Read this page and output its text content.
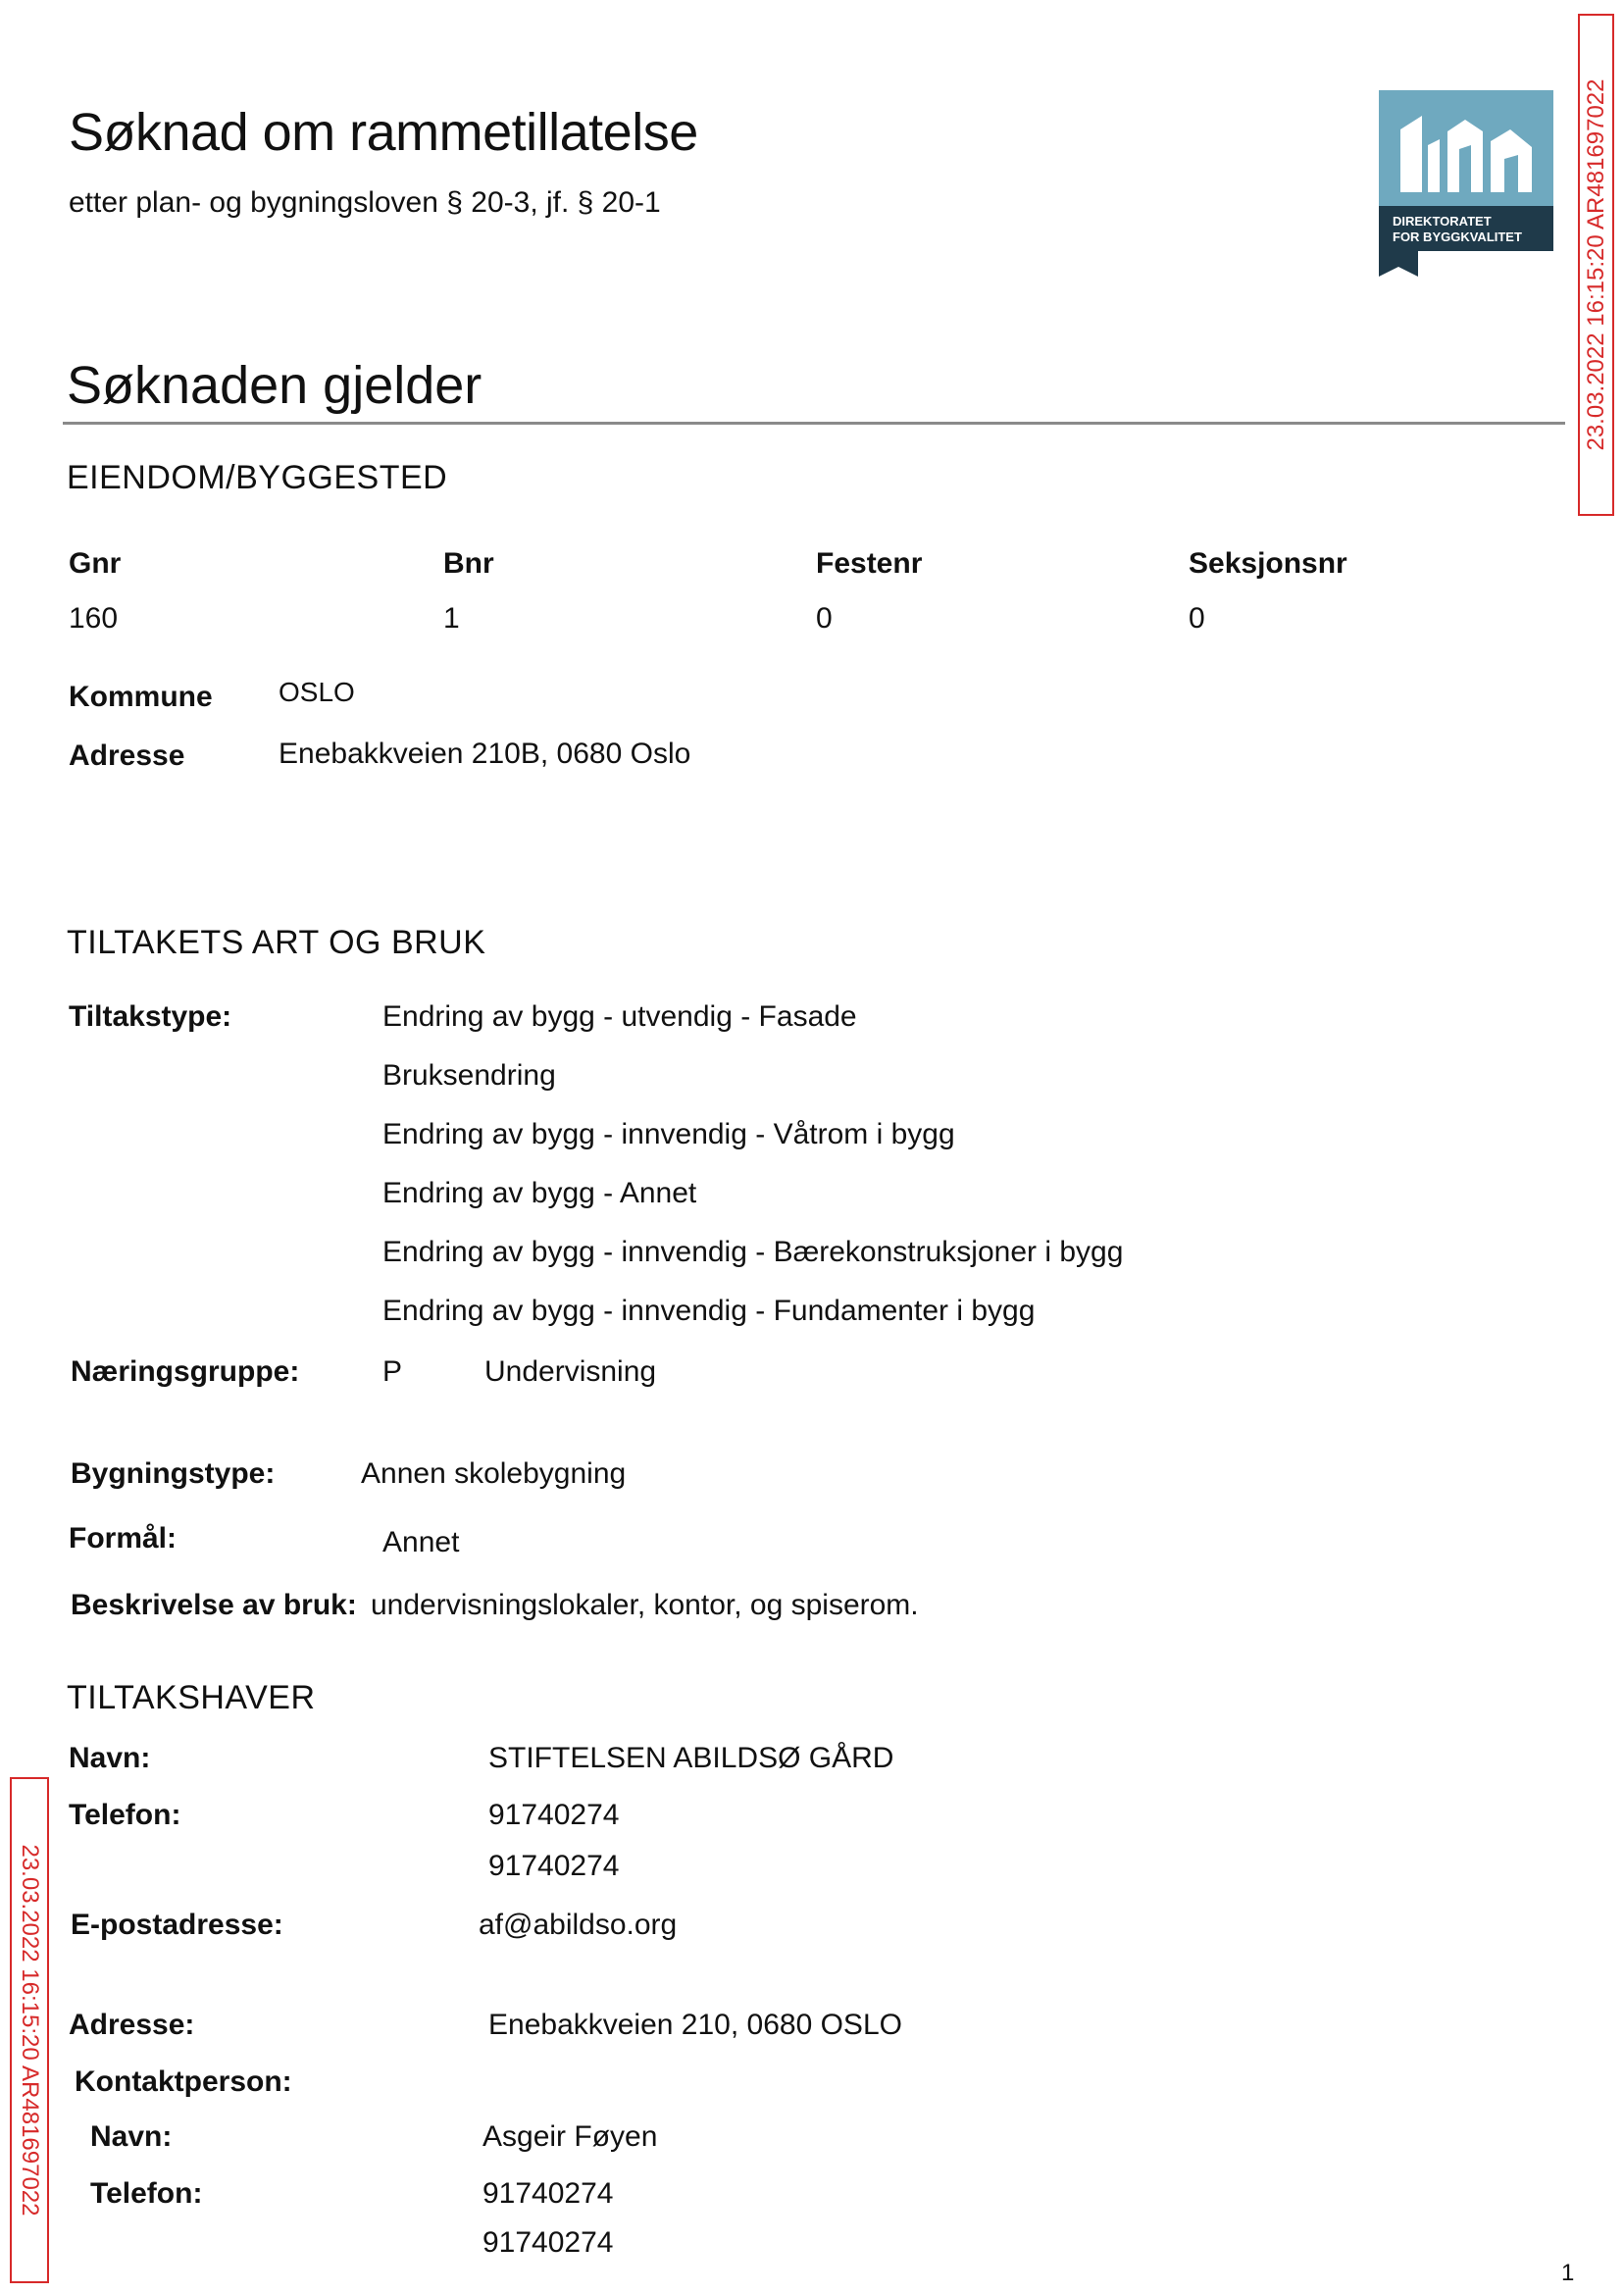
Søknad om rammetillatelse
etter plan- og bygningsloven § 20-3, jf. § 20-1
DIREKTORATET
FOR BYGGKVALITET	23.03.2022 16:15:20 AR481697022
23.03.2022 16:15:20 AR481697022
Søknaden gjelder
EIENDOM/BYGGESTED
Gnr	Bnr	Festenr	Seksjonsnr
160	1	0	0
Kommune OSLO
Adresse	Enebakkveien 210B, 0680 Oslo
TILTAKETS ART OG BRUK
Tiltakstype:	Endring av bygg - utvendig - Fasade
Bruksendring
Endring av bygg - innvendig - Våtrom i bygg
Endring av bygg - Annet
Endring av bygg - innvendig - Bærekonstruksjoner i bygg
Endring av bygg - innvendig - Fundamenter i bygg
Næringsgruppe:	P	Undervisning
Bygningstype:	Annen skolebygning
Formål:	Annet
Beskrivelse av bruk: undervisningslokaler, kontor, og spiserom.
TILTAKSHAVER
Navn:	STIFTELSEN ABILDSØ GÅRD
Telefon:	91740274
91740274
E-postadresse:	af@abildso.org
Adresse:	Enebakkveien 210, 0680 OSLO
Kontaktperson:
Navn:	Asgeir Føyen
Telefon:	91740274
91740274
1
